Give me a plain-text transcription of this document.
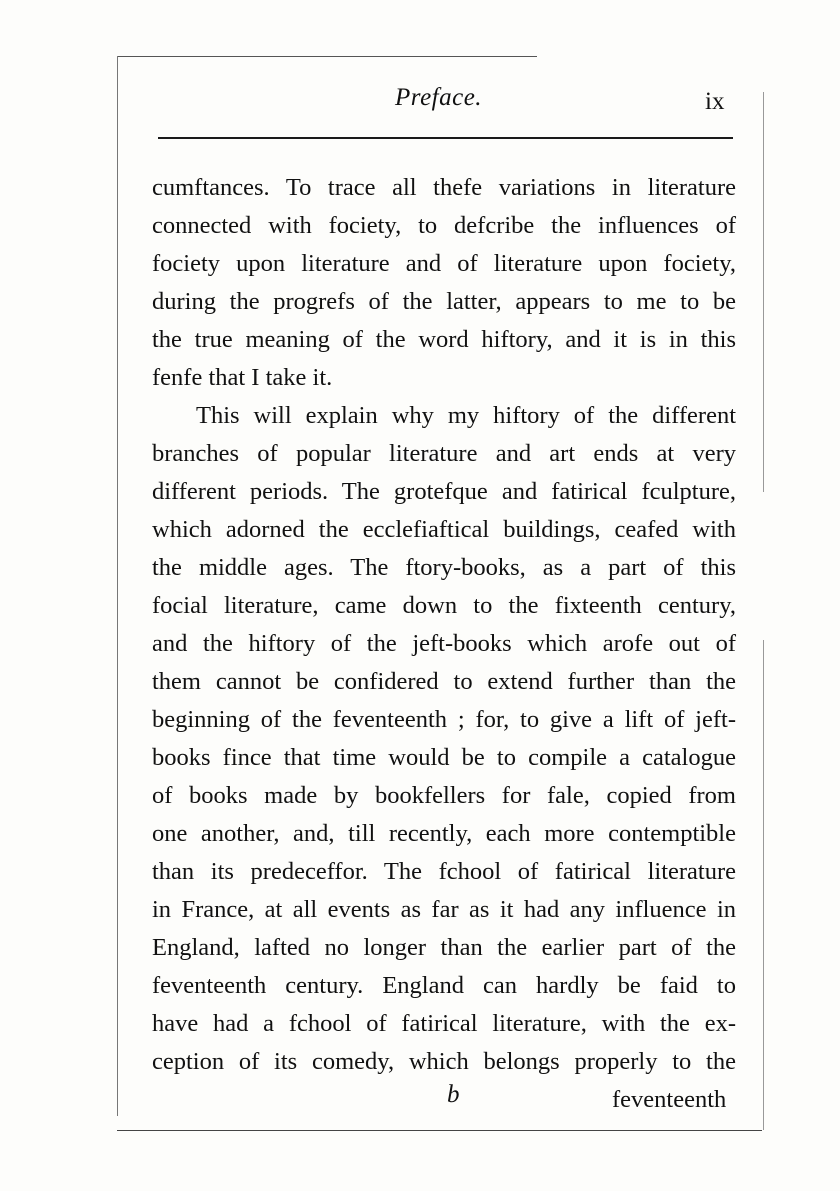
Preface.	ix
cumftances. To trace all thefe variations in literature
connected with fociety, to defcribe the influences of
fociety upon literature and of literature upon fociety,
during the progrefs of the latter, appears to me to be
the true meaning of the word hiftory, and it is in this
fenfe that I take it.
This will explain why my hiftory of the different
branches of popular literature and art ends at very
different periods. The grotefque and fatirical fculpture,
which adorned the ecclefiaftical buildings, ceafed with
the middle ages. The ftory-books, as a part of this
focial literature, came down to the fixteenth century,
and the hiftory of the jeft-books which arofe out of
them cannot be confidered to extend further than the
beginning of the feventeenth ; for, to give a lift of jeft-
books fince that time would be to compile a catalogue
of books made by bookfellers for fale, copied from
one another, and, till recently, each more contemptible
than its predeceffor. The fchool of fatirical literature
in France, at all events as far as it had any influence in
England, lafted no longer than the earlier part of the
feventeenth century. England can hardly be faid to
have had a fchool of fatirical literature, with the ex-
ception of its comedy, which belongs properly to the
b	feventeenth
